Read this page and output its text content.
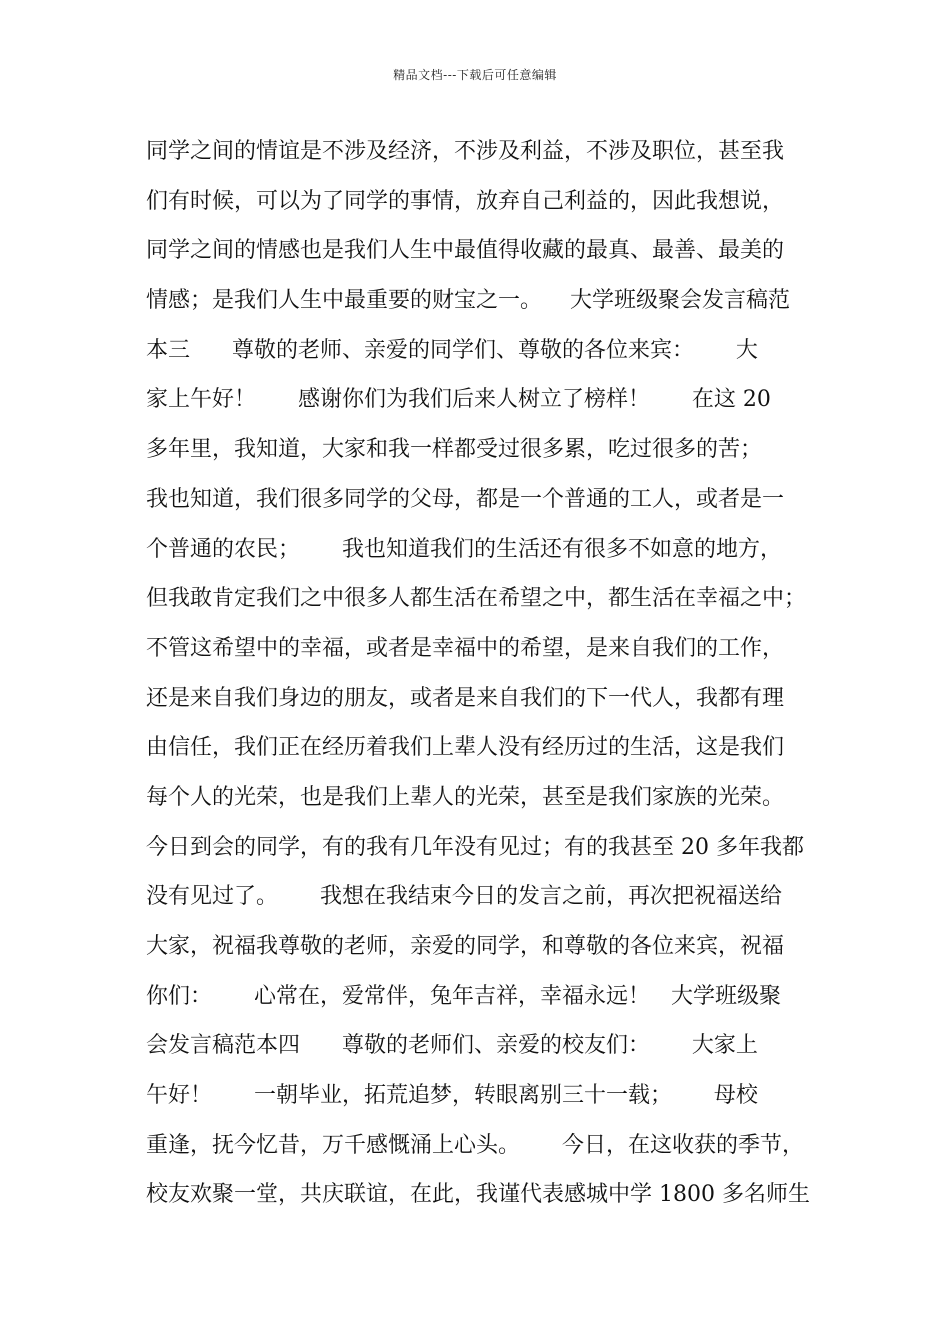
精品文档---下载后可任意编辑
同学之间的情谊是不涉及经济，不涉及利益，不涉及职位，甚至我
们有时候，可以为了同学的事情，放弃自己利益的，因此我想说，
同学之间的情感也是我们人生中最值得收藏的最真、最善、最美的
情感；是我们人生中最重要的财宝之一。    大学班级聚会发言稿范
本三      尊敬的老师、亲爱的同学们、尊敬的各位来宾：      大
家上午好！      感谢你们为我们后来人树立了榜样！      在这 20
多年里，我知道，大家和我一样都受过很多累，吃过很多的苦；
我也知道，我们很多同学的父母，都是一个普通的工人，或者是一
个普通的农民；      我也知道我们的生活还有很多不如意的地方，
但我敢肯定我们之中很多人都生活在希望之中，都生活在幸福之中；
不管这希望中的幸福，或者是幸福中的希望，是来自我们的工作，
还是来自我们身边的朋友，或者是来自我们的下一代人，我都有理
由信任，我们正在经历着我们上辈人没有经历过的生活，这是我们
每个人的光荣，也是我们上辈人的光荣，甚至是我们家族的光荣。
今日到会的同学，有的我有几年没有见过；有的我甚至 20 多年我都
没有见过了。      我想在我结束今日的发言之前，再次把祝福送给
大家，祝福我尊敬的老师，亲爱的同学，和尊敬的各位来宾，祝福
你们：      心常在，爱常伴，兔年吉祥，幸福永远！   大学班级聚
会发言稿范本四      尊敬的老师们、亲爱的校友们：      大家上
午好！      一朝毕业，拓荒追梦，转眼离别三十一载；      母校
重逢，抚今忆昔，万千感慨涌上心头。      今日，在这收获的季节，
校友欢聚一堂，共庆联谊，在此，我谨代表感城中学 1800 多名师生
